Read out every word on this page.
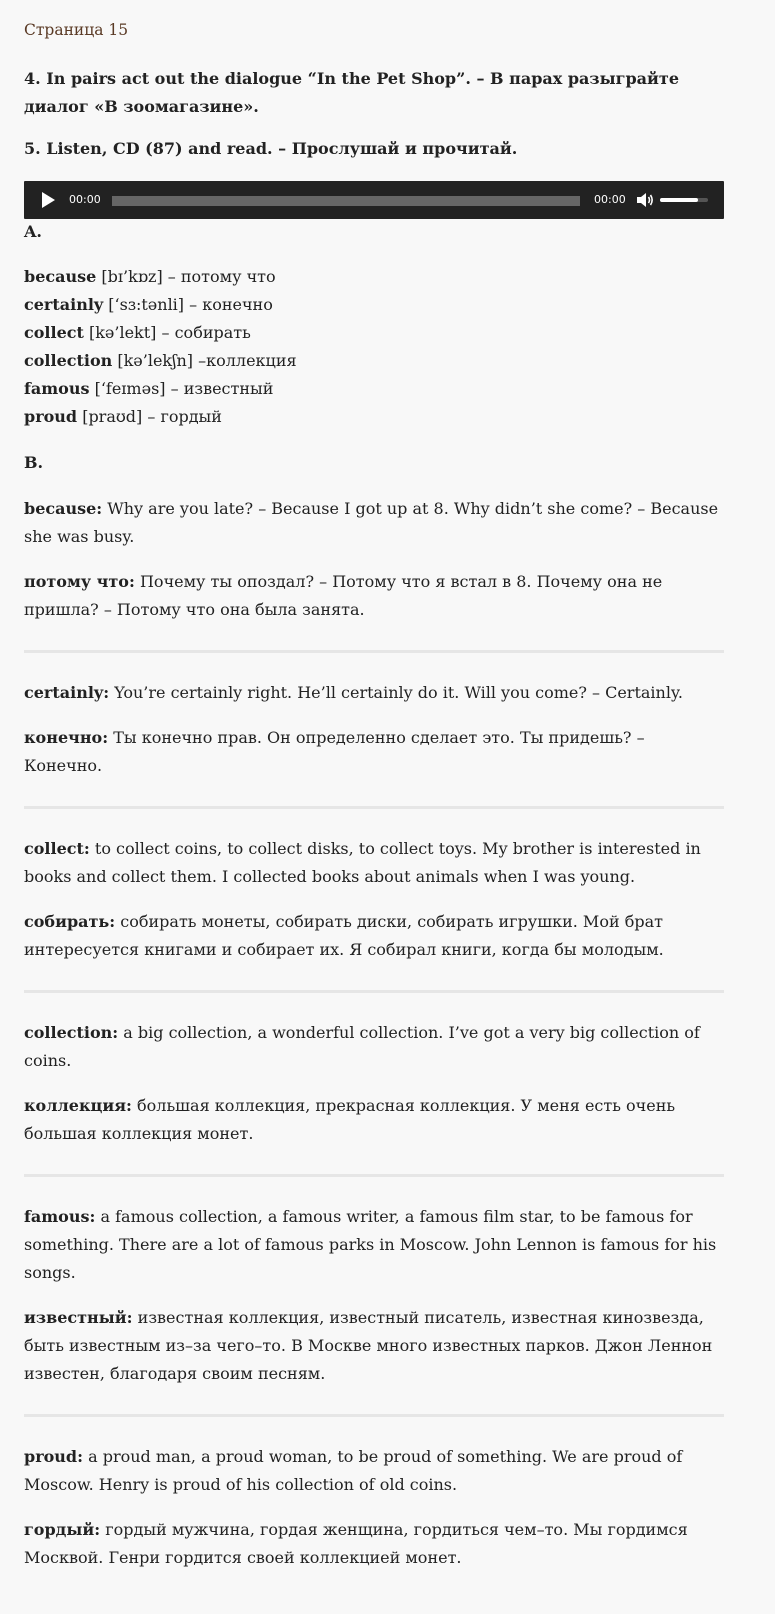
Страница 15

4. In pairs act out the dialogue “In the Pet Shop”. – В парах разыграйте диалог «В зоомагазине».

5. Listen, CD (87) and read. – Прослушай и прочитай.

00:00	00:00
A.
because [bɪ’kɒz] – потому что
certainly [‘sɜ:tənli] – конечно
collect [kə’lekt] – собирать
collection [kə’lekʃn] –коллекция
famous [‘feɪməs] – известный
proud [praʊd] – гордый
B.

because: Why are you late? – Because I got up at 8. Why didn’t she come? – Because she was busy.

потому что: Почему ты опоздал? – Потому что я встал в 8. Почему она не пришла? – Потому что она была занята.

certainly: You’re certainly right. He’ll certainly do it. Will you come? – Certainly.

конечно: Ты конечно прав. Он определенно сделает это. Ты придешь? – Конечно.

collect: to collect coins, to collect disks, to collect toys. My brother is interested in books and collect them. I collected books about animals when I was young.

собирать: собирать монеты, собирать диски, собирать игрушки. Мой брат интересуется книгами и собирает их. Я собирал книги, когда бы молодым.

collection: a big collection, a wonderful collection. I’ve got a very big collection of coins.

коллекция: большая коллекция, прекрасная коллекция. У меня есть очень большая коллекция монет.

famous: a famous collection, a famous writer, a famous film star, to be famous for something. There are a lot of famous parks in Moscow. John Lennon is famous for his songs.

известный: известная коллекция, известный писатель, известная кинозвезда, быть известным из–за чего–то. В Москве много известных парков. Джон Леннон известен, благодаря своим песням.

proud: a proud man, a proud woman, to be proud of something. We are proud of Moscow. Henry is proud of his collection of old coins.

гордый: гордый мужчина, гордая женщина, гордиться чем–то. Мы гордимся Москвой. Генри гордится своей коллекцией монет.
